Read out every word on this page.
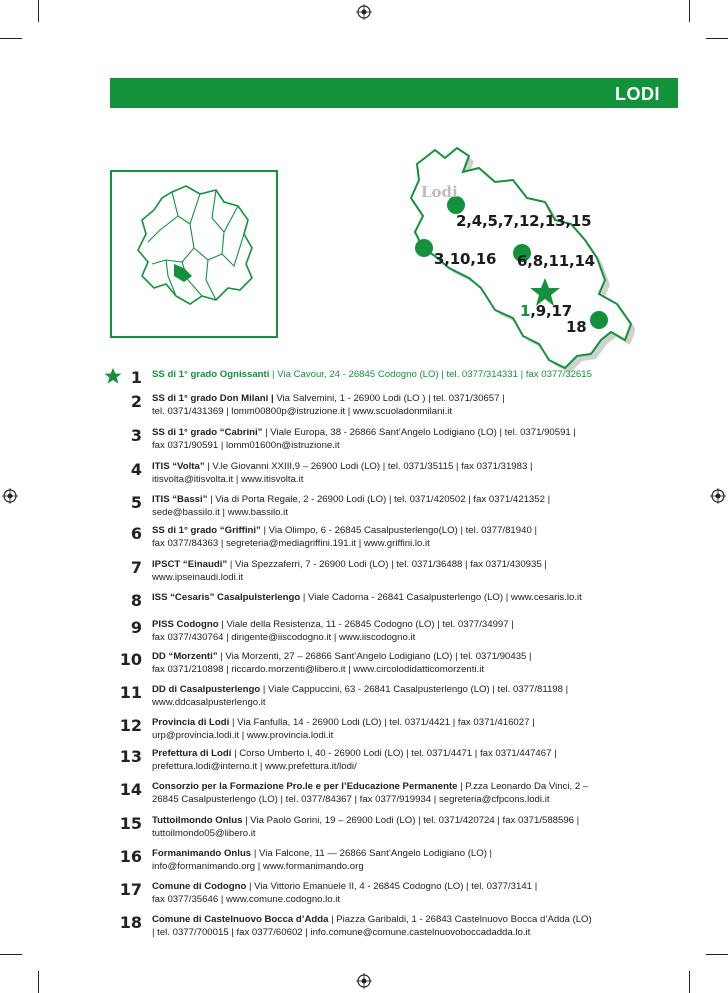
LODI
Lodi
2,4,5,7,12,13,15
3,10,16 6,8,11,14
1,9,17
18
1 SS di 1° grado Ognissanti | Via Cavour, 24 - 26845 Codogno (LO) | tel. 0377/314331 | fax 0377/32615

2 SS di 1° grado Don Milani | Via Salvemini, 1 - 26900 Lodi (LO ) | tel. 0371/30657 |
tel. 0371/431369 | lomm00800p@istruzione.it | www.scuoladonmilani.it
3 SS di 1° grado “Cabrini” | Viale Europa, 38 - 26866 Sant’Angelo Lodigiano (LO) | tel. 0371/90591 |
fax 0371/90591 | lomm01600n@istruzione.it
4 ITIS “Volta” | V.le Giovanni XXIII,9 – 26900 Lodi (LO) | tel. 0371/35115 | fax 0371/31983 |
itisvolta@itisvolta.it | www.itisvolta.it
5 ITIS “Bassi” | Via di Porta Regale, 2 - 26900 Lodi (LO) | tel. 0371/420502 | fax 0371/421352 |
sede@bassilo.it | www.bassilo.it
6 SS di 1° grado “Griffini” | Via Olimpo, 6 - 26845 Casalpusterlengo(LO) | tel. 0377/81940 |
fax 0377/84363 | segreteria@mediagriffini.191.it | www.griffini.lo.it
7 IPSCT “Einaudi” | Via Spezzaferri, 7 - 26900 Lodi (LO) | tel. 0371/36488 | fax 0371/430935 |
www.ipseinaudi.lodi.it
8 ISS “Cesaris” Casalpulsterlengo | Viale Cadorna - 26841 Casalpusterlengo (LO) | www.cesaris.lo.it

9 PISS Codogno | Viale della Resistenza, 11 - 26845 Codogno (LO) | tel. 0377/34997 |
fax 0377/430764 | dirigente@iiscodogno.it | www.iiscodogno.it
10 DD “Morzenti” | Via Morzenti, 27 – 26866 Sant’Angelo Lodigiano (LO) | tel. 0371/90435 |
fax 0371/210898 | riccardo.morzenti@libero.it | www.circolodidatticomorzenti.it
11 DD di Casalpusterlengo | Viale Cappuccini, 63 - 26841 Casalpusterlengo (LO) | tel. 0377/81198 |
www.ddcasalpusterlengo.it
12 Provincia di Lodi | Via Fanfulla, 14 - 26900 Lodi (LO) | tel. 0371/4421 | fax 0371/416027 |
urp@provincia.lodi.it | www.provincia.lodi.it
13 Prefettura di Lodi | Corso Umberto I, 40 - 26900 Lodi (LO) | tel. 0371/4471 | fax 0371/447467 |
prefettura.lodi@interno.it | www.prefettura.it/lodi/
14 Consorzio per la Formazione Pro.le e per l’Educazione Permanente | P.zza Leonardo Da Vinci, 2 –
26845 Casalpusterlengo (LO) | tel. 0377/84367 | fax 0377/919934 | segreteria@cfpcons.lodi.it
15 Tuttoilmondo Onlus | Via Paolo Gorini, 19 – 26900 Lodi (LO) | tel. 0371/420724 | fax 0371/588596 |
tuttoilmondo05@libero.it
16 Formanimando Onlus | Via Falcone, 11 — 26866 Sant’Angelo Lodigiano (LO) |
info@formanimando.org | www.formanimando.org
17 Comune di Codogno | Via Vittorio Emanuele II, 4 - 26845 Codogno (LO) | tel. 0377/3141 |
fax 0377/35646 | www.comune.codogno.lo.it
18 Comune di Castelnuovo Bocca d’Adda | Piazza Garibaldi, 1 - 26843 Castelnuovo Bocca d’Adda (LO)
| tel. 0377/700015 | fax 0377/60602 | info.comune@comune.castelnuovoboccadadda.lo.it
